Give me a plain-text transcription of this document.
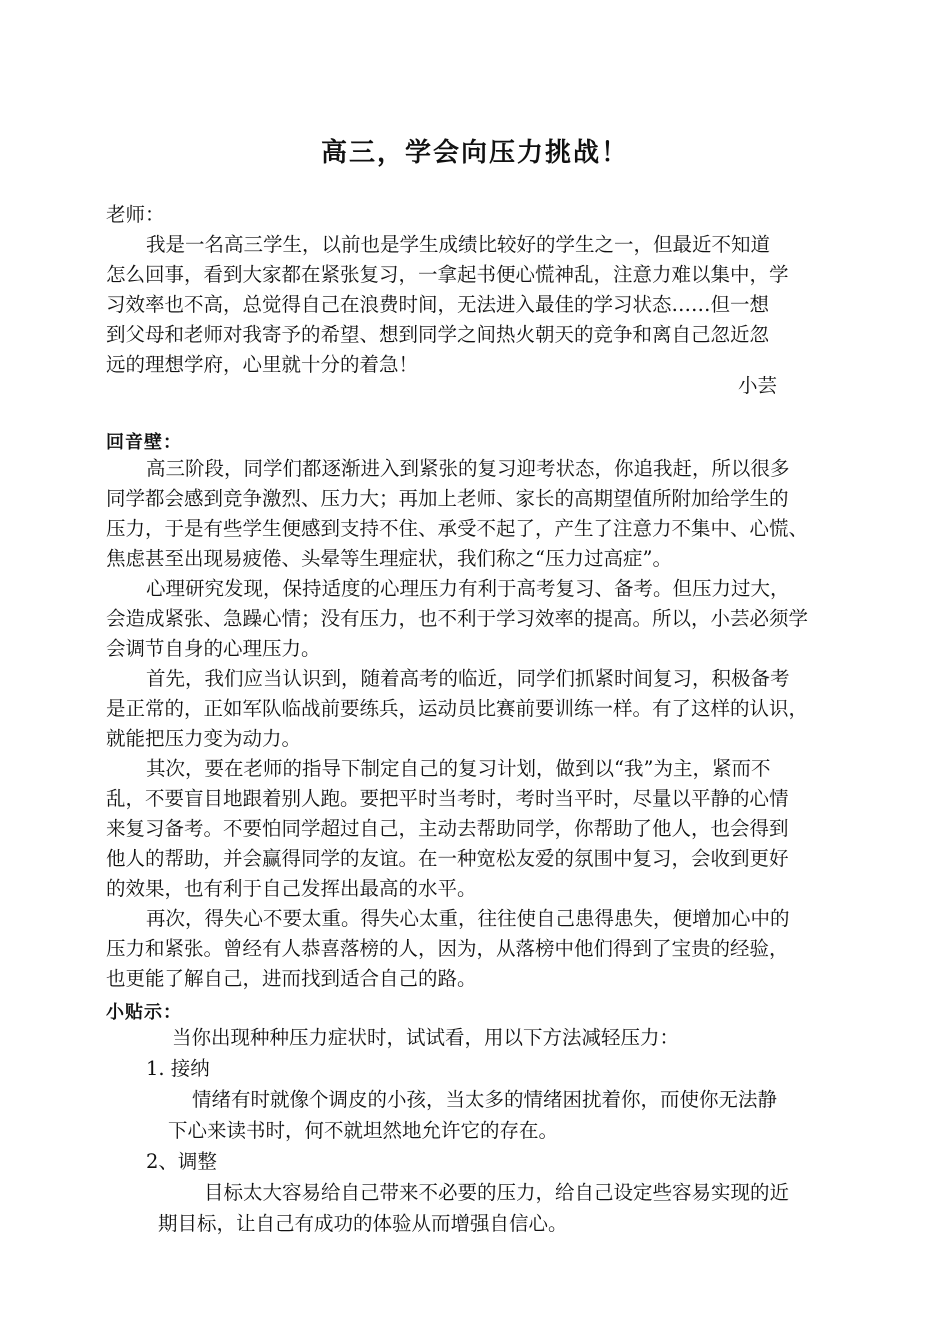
高三，学会向压力挑战！
老师：
我是一名高三学生，以前也是学生成绩比较好的学生之一，但最近不知道
怎么回事，看到大家都在紧张复习，一拿起书便心慌神乱，注意力难以集中，学
习效率也不高，总觉得自己在浪费时间，无法进入最佳的学习状态……但一想
到父母和老师对我寄予的希望、想到同学之间热火朝天的竞争和离自己忽近忽
远的理想学府，心里就十分的着急！
小芸
回音壁：
高三阶段，同学们都逐渐进入到紧张的复习迎考状态，你追我赶，所以很多
同学都会感到竞争激烈、压力大；再加上老师、家长的高期望值所附加给学生的
压力，于是有些学生便感到支持不住、承受不起了，产生了注意力不集中、心慌、
焦虑甚至出现易疲倦、头晕等生理症状，我们称之“压力过高症”。
心理研究发现，保持适度的心理压力有利于高考复习、备考。但压力过大，
会造成紧张、急躁心情；没有压力，也不利于学习效率的提高。所以，小芸必须学
会调节自身的心理压力。
首先，我们应当认识到，随着高考的临近，同学们抓紧时间复习，积极备考
是正常的，正如军队临战前要练兵，运动员比赛前要训练一样。有了这样的认识，
就能把压力变为动力。
其次，要在老师的指导下制定自己的复习计划，做到以“我”为主，紧而不
乱，不要盲目地跟着别人跑。要把平时当考时，考时当平时，尽量以平静的心情
来复习备考。不要怕同学超过自己，主动去帮助同学，你帮助了他人，也会得到
他人的帮助，并会赢得同学的友谊。在一种宽松友爱的氛围中复习，会收到更好
的效果，也有利于自己发挥出最高的水平。
再次，得失心不要太重。得失心太重，往往使自己患得患失，便增加心中的
压力和紧张。曾经有人恭喜落榜的人，因为，从落榜中他们得到了宝贵的经验，
也更能了解自己，进而找到适合自己的路。
小贴示：
当你出现种种压力症状时，试试看，用以下方法减轻压力：
1. 接纳
情绪有时就像个调皮的小孩，当太多的情绪困扰着你，而使你无法静
下心来读书时，何不就坦然地允许它的存在。
2、调整
目标太大容易给自己带来不必要的压力，给自己设定些容易实现的近
期目标，让自己有成功的体验从而增强自信心。
